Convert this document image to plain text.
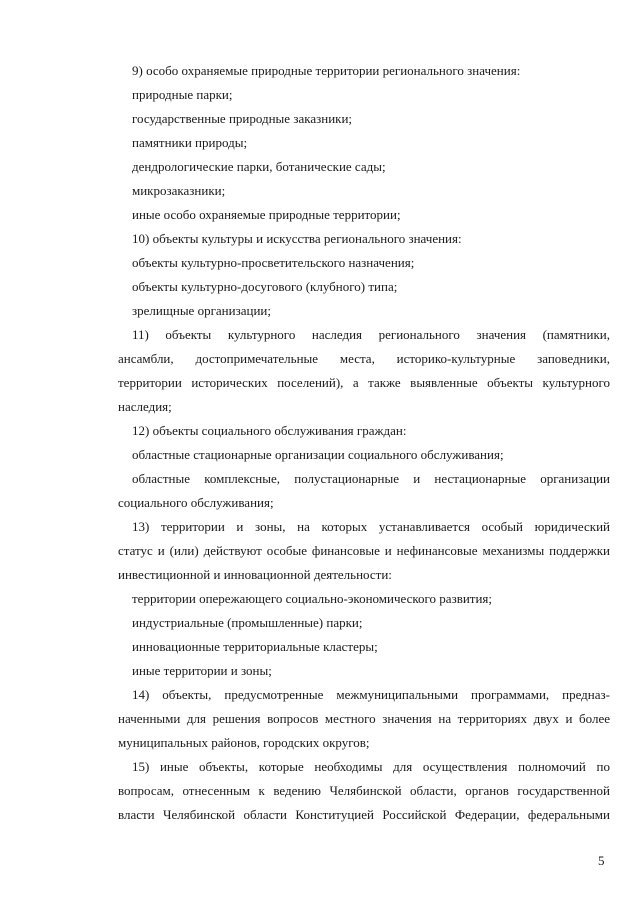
9) особо охраняемые природные территории регионального значения:
природные парки;
государственные природные заказники;
памятники природы;
дендрологические парки, ботанические сады;
микрозаказники;
иные особо охраняемые природные территории;
10) объекты культуры и искусства регионального значения:
объекты культурно-просветительского назначения;
объекты культурно-досугового (клубного) типа;
зрелищные организации;
11) объекты культурного наследия регионального значения (памятники,
ансамбли, достопримечательные места, историко-культурные заповедники,
территории исторических поселений), а также выявленные объекты культурного
наследия;
12) объекты социального обслуживания граждан:
областные стационарные организации социального обслуживания;
областные комплексные, полустационарные и нестационарные организации
социального обслуживания;
13) территории и зоны, на которых устанавливается особый юридический
статус и (или) действуют особые финансовые и нефинансовые механизмы поддержки
инвестиционной и инновационной деятельности:
территории опережающего социально-экономического развития;
индустриальные (промышленные) парки;
инновационные территориальные кластеры;
иные территории и зоны;
14) объекты, предусмотренные межмуниципальными программами, предназ-
наченными для решения вопросов местного значения на территориях двух и более
муниципальных районов, городских округов;
15) иные объекты, которые необходимы для осуществления полномочий по
вопросам, отнесенным к ведению Челябинской области, органов государственной
власти Челябинской области Конституцией Российской Федерации, федеральными
5
